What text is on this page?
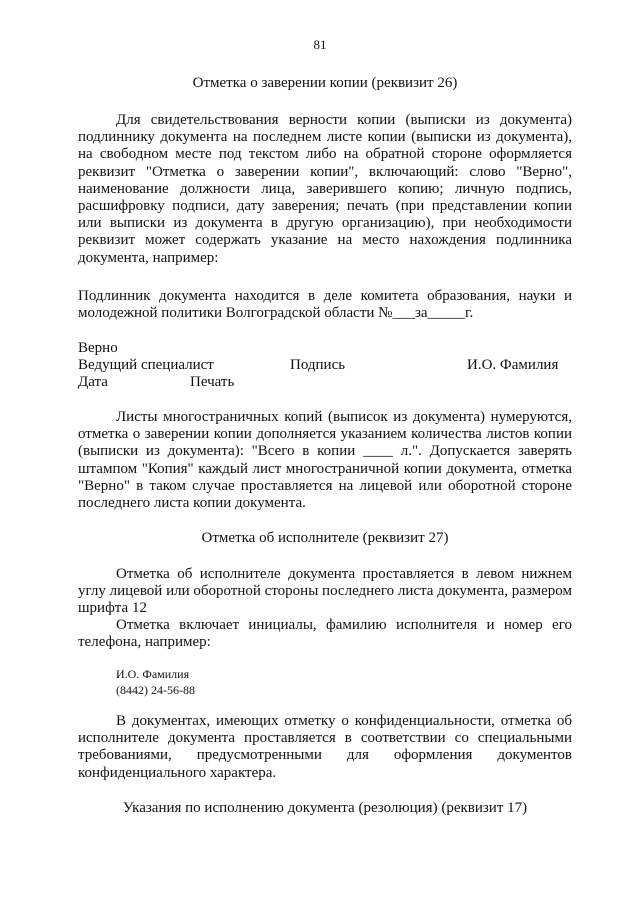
81
Отметка о заверении копии (реквизит 26)

Для свидетельствования верности копии (выписки из документа) подлиннику документа на последнем листе копии (выписки из документа), на свободном месте под текстом либо на обратной стороне оформляется реквизит "Отметка о заверении копии", включающий: слово "Верно", наименование должности лица, заверившего копию; личную подпись, расшифровку подписи, дату заверения; печать (при представлении копии или выписки из документа в другую организацию), при необходимости реквизит может содержать указание на место нахождения подлинника документа, например:

Подлинник документа находится в деле комитета образования, науки и молодежной политики Волгоградской области №___за_____г.

Верно
Ведущий специалист	Подпись	И.О. Фамилия
Дата	Печать

Листы многостраничных копий (выписок из документа) нумеруются, отметка о заверении копии дополняется указанием количества листов копии (выписки из документа): "Всего в копии ____ л.". Допускается заверять штампом "Копия" каждый лист многостраничной копии документа, отметка "Верно" в таком случае проставляется на лицевой или оборотной стороне последнего листа копии документа.

Отметка об исполнителе (реквизит 27)

Отметка об исполнителе документа проставляется в левом нижнем углу лицевой или оборотной стороны последнего листа документа, размером шрифта 12

Отметка включает инициалы, фамилию исполнителя и номер его телефона, например:

И.О. Фамилия
(8442) 24-56-88

В документах, имеющих отметку о конфиденциальности, отметка об исполнителе документа проставляется в соответствии со специальными требованиями, предусмотренными для оформления документов конфиденциального характера.

Указания по исполнению документа (резолюция) (реквизит 17)
